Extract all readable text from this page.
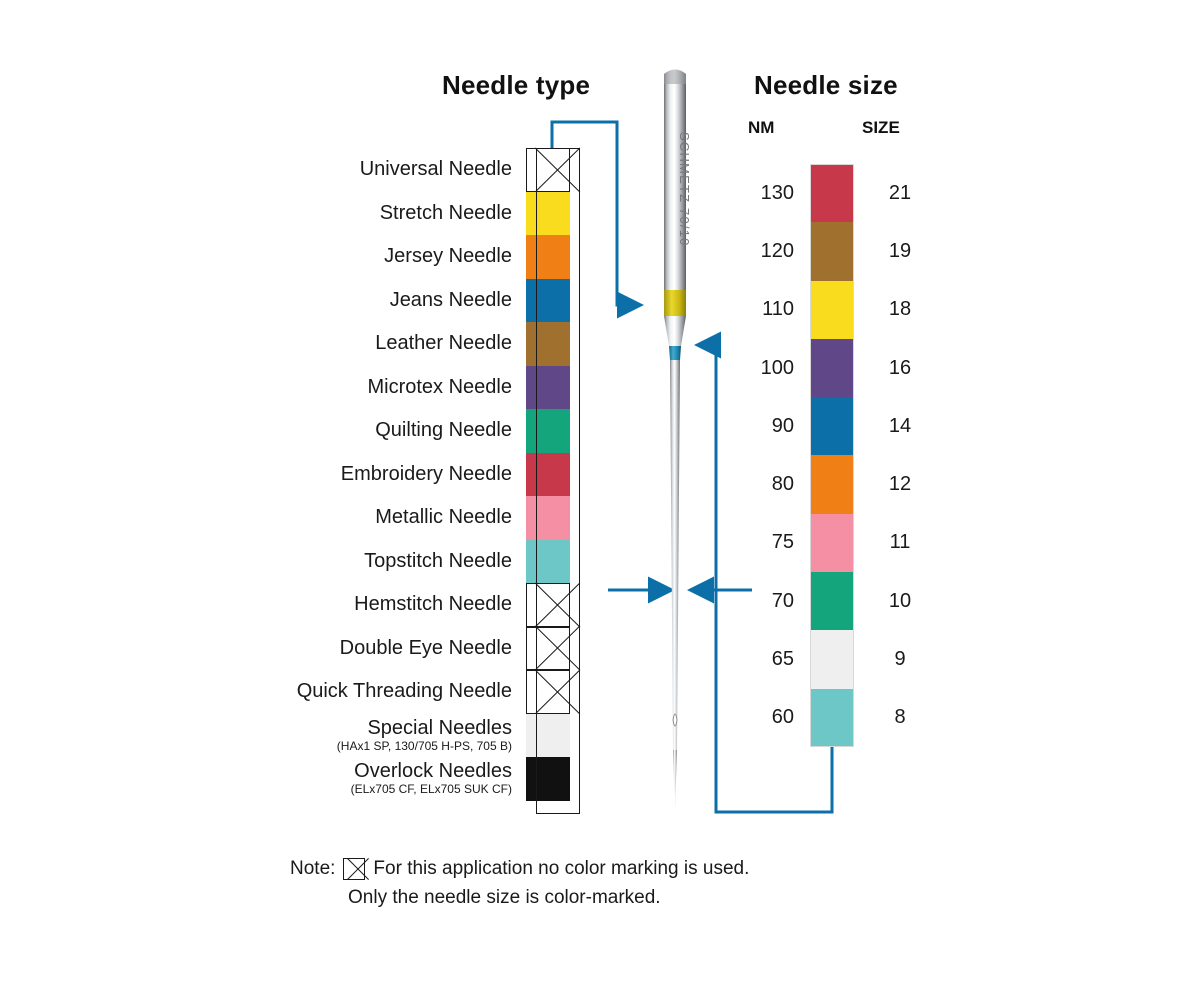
Needle type	Needle size
NM	SIZE
SCHMETZ 70/10
Universal Needle
Stretch Needle
Jersey Needle
Jeans Needle
Leather Needle
Microtex Needle
Quilting Needle
Embroidery Needle
Metallic Needle
Topstitch Needle
Hemstitch Needle
Double Eye Needle
Quick Threading Needle
Special Needles
(HAx1 SP, 130/705 H-PS, 705 B)
Overlock Needles
(ELx705 CF, ELx705 SUK CF)
130	21
120	19
110	18
100	16
90	14
80	12
75	11
70	10
65	9
60	8
Note: For this application no color marking is used.
Only the needle size is color-marked.
